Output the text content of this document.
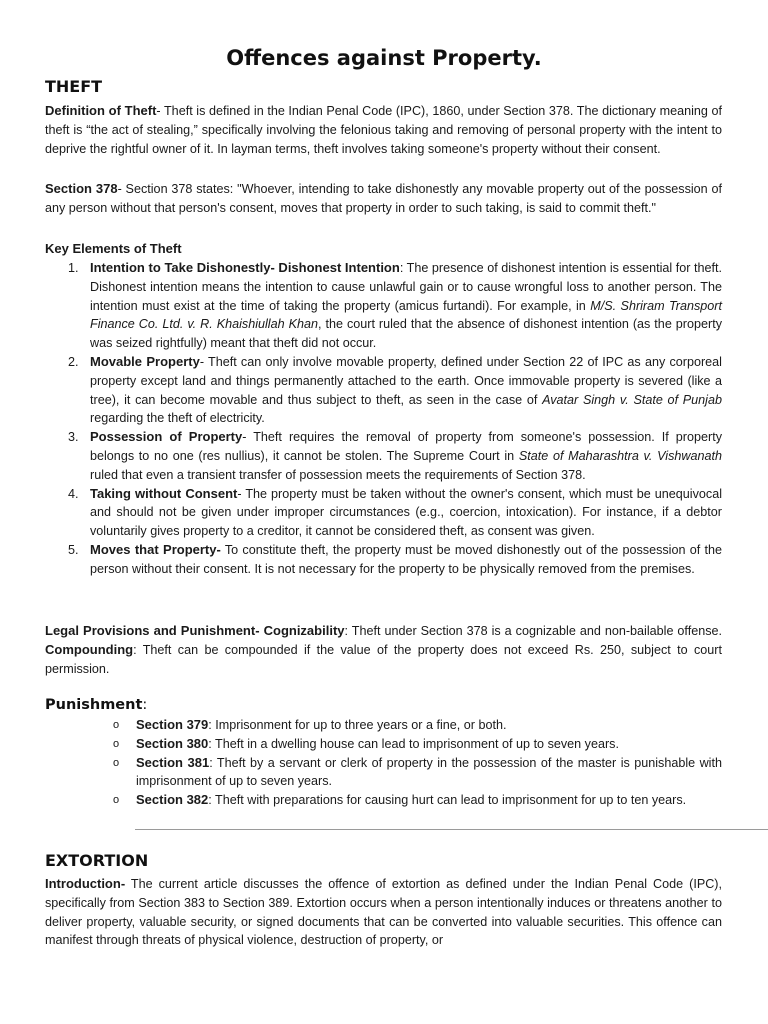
Offences against Property.
THEFT

Definition of Theft- Theft is defined in the Indian Penal Code (IPC), 1860, under Section 378. The dictionary meaning of theft is “the act of stealing,” specifically involving the felonious taking and removing of personal property with the intent to deprive the rightful owner of it. In layman terms, theft involves taking someone's property without their consent.

Section 378- Section 378 states: "Whoever, intending to take dishonestly any movable property out of the possession of any person without that person's consent, moves that property in order to such taking, is said to commit theft."

Key Elements of Theft

1. Intention to Take Dishonestly- Dishonest Intention: The presence of dishonest intention is essential for theft. Dishonest intention means the intention to cause unlawful gain or to cause wrongful loss to another person. The intention must exist at the time of taking the property (amicus furtandi). For example, in M/S. Shriram Transport Finance Co. Ltd. v. R. Khaishiullah Khan, the court ruled that the absence of dishonest intention (as the property was seized rightfully) meant that theft did not occur.
2. Movable Property- Theft can only involve movable property, defined under Section 22 of IPC as any corporeal property except land and things permanently attached to the earth. Once immovable property is severed (like a tree), it can become movable and thus subject to theft, as seen in the case of Avatar Singh v. State of Punjab regarding the theft of electricity.
3. Possession of Property- Theft requires the removal of property from someone's possession. If property belongs to no one (res nullius), it cannot be stolen. The Supreme Court in State of Maharashtra v. Vishwanath ruled that even a transient transfer of possession meets the requirements of Section 378.
4. Taking without Consent- The property must be taken without the owner's consent, which must be unequivocal and should not be given under improper circumstances (e.g., coercion, intoxication). For instance, if a debtor voluntarily gives property to a creditor, it cannot be considered theft, as consent was given.
5. Moves that Property- To constitute theft, the property must be moved dishonestly out of the possession of the person without their consent. It is not necessary for the property to be physically removed from the premises.

Legal Provisions and Punishment- Cognizability: Theft under Section 378 is a cognizable and non-bailable offense. Compounding: Theft can be compounded if the value of the property does not exceed Rs. 250, subject to court permission.

Punishment:
o Section 379: Imprisonment for up to three years or a fine, or both.
o Section 380: Theft in a dwelling house can lead to imprisonment of up to seven years.
o Section 381: Theft by a servant or clerk of property in the possession of the master is punishable with imprisonment of up to seven years.
o Section 382: Theft with preparations for causing hurt can lead to imprisonment for up to ten years.
EXTORTION

Introduction- The current article discusses the offence of extortion as defined under the Indian Penal Code (IPC), specifically from Section 383 to Section 389. Extortion occurs when a person intentionally induces or threatens another to deliver property, valuable security, or signed documents that can be converted into valuable securities. This offence can manifest through threats of physical violence, destruction of property, or
